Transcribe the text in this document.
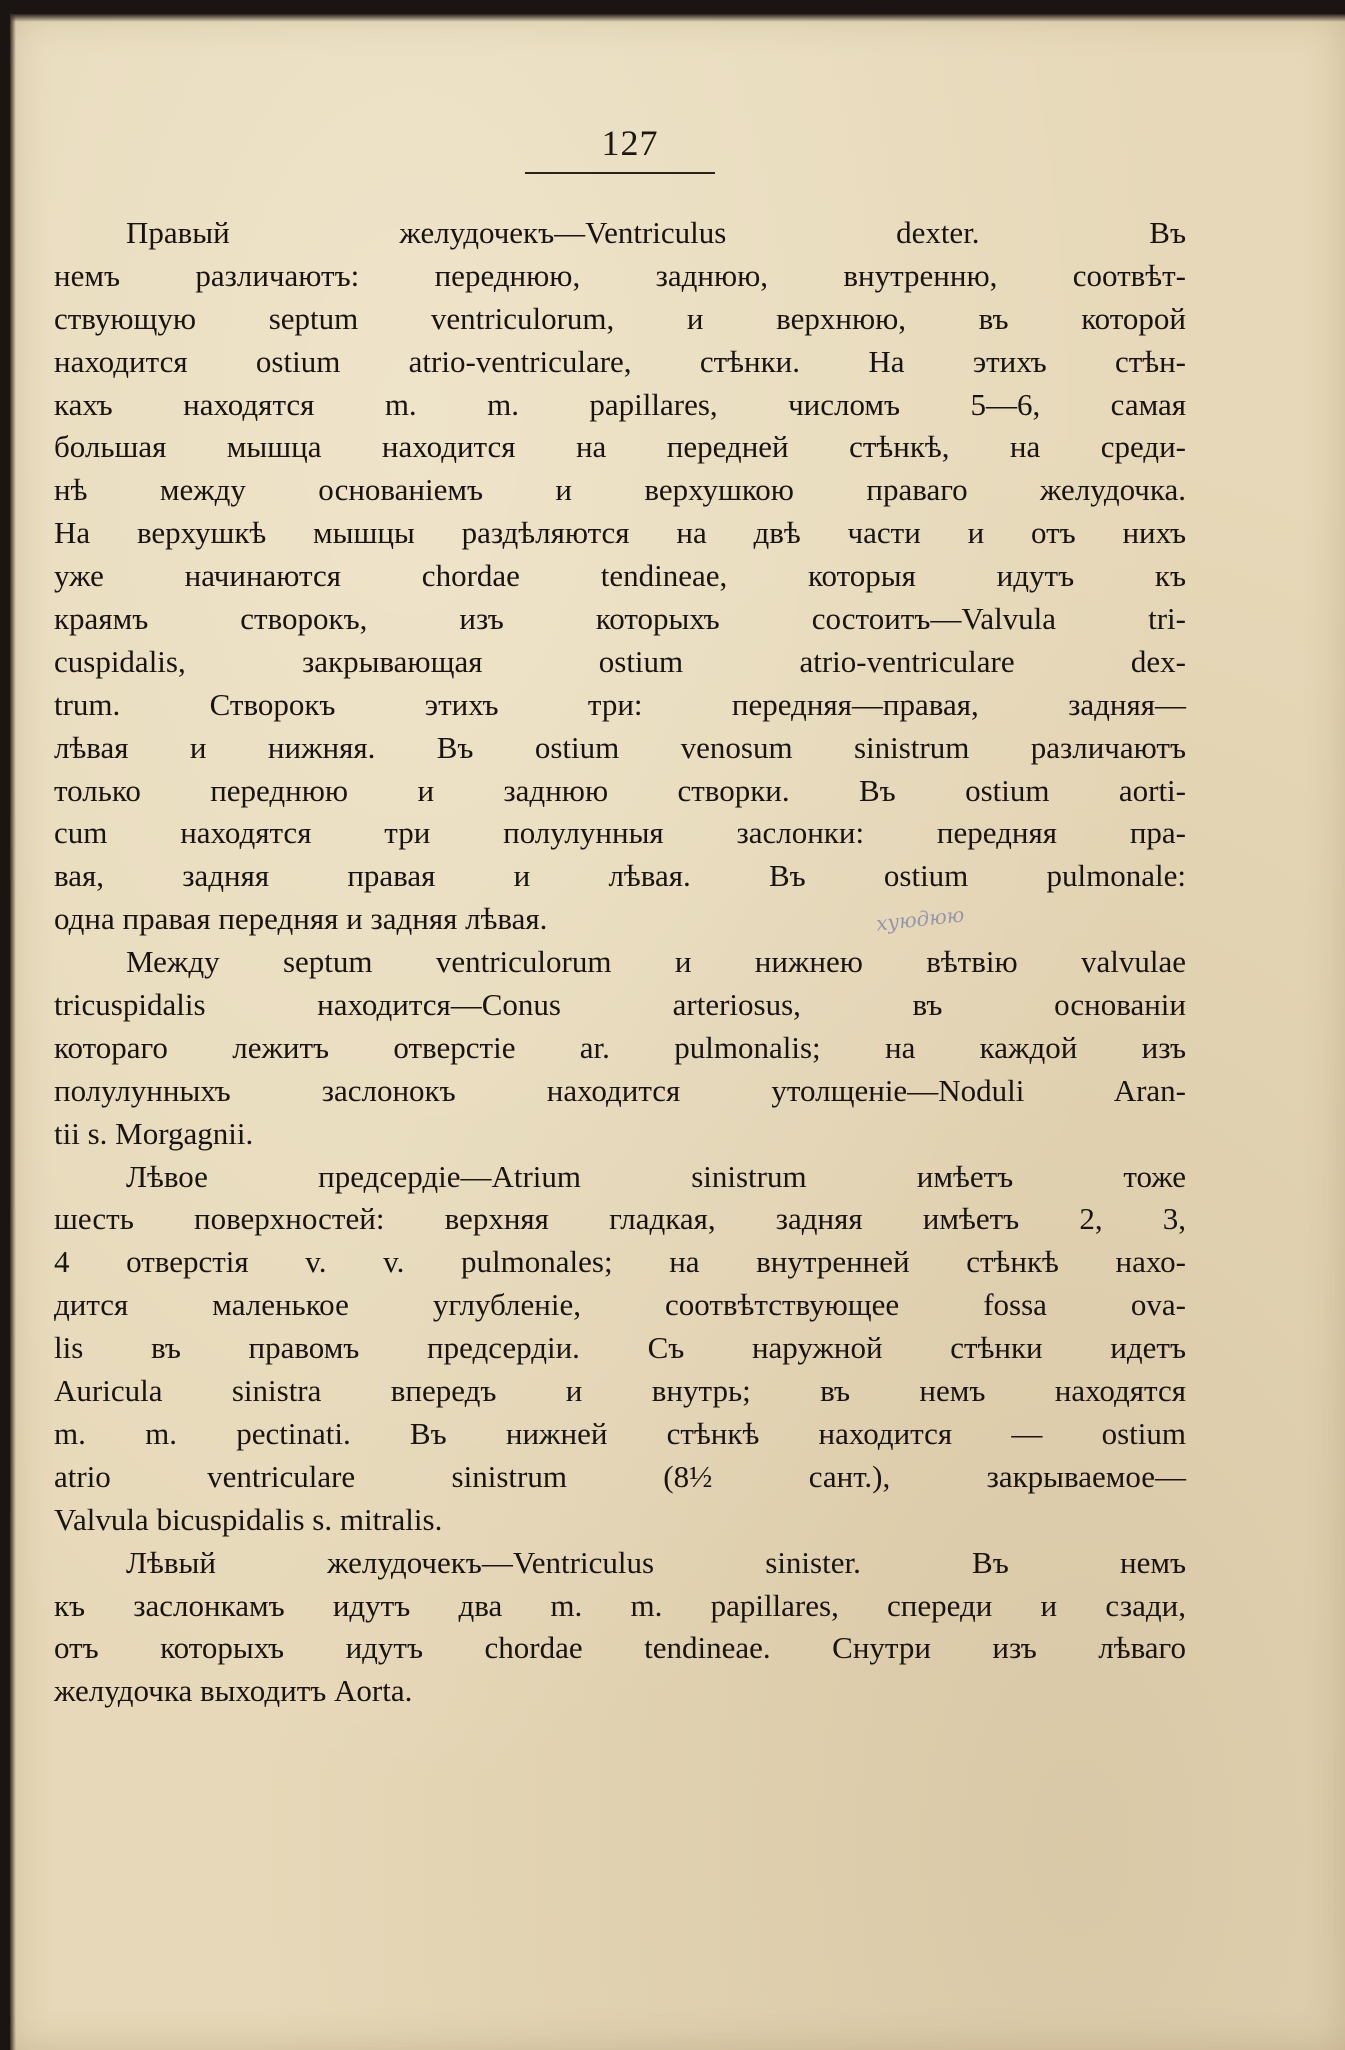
127
Правый желудочекъ—Ventriculus dexter. Въ
немъ различаютъ: переднюю, заднюю, внутренню, соотвѣт-
ствующую septum ventriculorum, и верхнюю, въ которой
находится ostium atrio-ventriculare, стѣнки. На этихъ стѣн-
кахъ находятся m. m. papillares, числомъ 5—6, самая
большая мышца находится на передней стѣнкѣ, на среди-
нѣ между основаніемъ и верхушкою праваго желудочка.
На верхушкѣ мышцы раздѣляются на двѣ части и отъ нихъ
уже начинаются chordae tendineae, которыя идутъ къ
краямъ створокъ, изъ которыхъ состоитъ—Valvula tri-
cuspidalis, закрывающая ostium atrio-ventriculare dex-
trum. Створокъ этихъ три: передняя—правая, задняя—
лѣвая и нижняя. Въ ostium venosum sinistrum различаютъ
только переднюю и заднюю створки. Въ ostium aorti-
cum находятся три полулунныя заслонки: передняя пра-
вая, задняя правая и лѣвая. Въ ostium pulmonale:
одна правая передняя и задняя лѣвая.
Между septum ventriculorum и нижнею вѣтвію valvulae
tricuspidalis находится—Conus arteriosus, въ основаніи
котораго лежитъ отверстіе ar. pulmonalis; на каждой изъ
полулунныхъ заслонокъ находится утолщеніе—Noduli Aran-
tii s. Morgagnii.
Лѣвое предсердіе—Atrium sinistrum имѣетъ тоже
шесть поверхностей: верхняя гладкая, задняя имѣетъ 2, 3,
4 отверстія v. v. pulmonales; на внутренней стѣнкѣ нахо-
дится маленькое углубленіе, соотвѣтствующее fossa ova-
lis въ правомъ предсердіи. Съ наружной стѣнки идетъ
Auricula sinistra впередъ и внутрь; въ немъ находятся
m. m. pectinati. Въ нижней стѣнкѣ находится — ostium
atrio ventriculare sinistrum (8½ сант.), закрываемое—
Valvula bicuspidalis s. mitralis.
Лѣвый желудочекъ—Ventriculus sinister. Въ немъ
къ заслонкамъ идутъ два m. m. papillares, спереди и сзади,
отъ которыхъ идутъ chordae tendineae. Снутри изъ лѣваго
желудочка выходитъ Aorta.
хуюдюю
